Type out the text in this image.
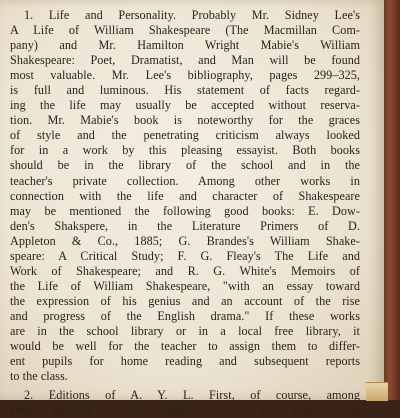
1. Life and Personality. Probably Mr. Sidney Lee's
A Life of William Shakespeare (The Macmillan Com-
pany) and Mr. Hamilton Wright Mabie's William
Shakespeare: Poet, Dramatist, and Man will be found
most valuable. Mr. Lee's bibliography, pages 299–325,
is full and luminous. His statement of facts regard-
ing the life may usually be accepted without reserva-
tion. Mr. Mabie's book is noteworthy for the graces
of style and the penetrating criticism always looked
for in a work by this pleasing essayist. Both books
should be in the library of the school and in the
teacher's private collection. Among other works in
connection with the life and character of Shakespeare
may be mentioned the following good books: E. Dow-
den's Shakspere, in the Literature Primers of D.
Appleton & Co., 1885; G. Brandes's William Shake-
speare: A Critical Study; F. G. Fleay's The Life and
Work of Shakespeare; and R. G. White's Memoirs of
the Life of William Shakespeare, "with an essay toward
the expression of his genius and an account of the rise
and progress of the English drama." If these works
are in the school library or in a local free library, it
would be well for the teacher to assign them to differ-
ent pupils for home reading and subsequent reports
to the class.
2. Editions of A. Y. L. First, of course, among
single editions is the volume of As You Like It in
